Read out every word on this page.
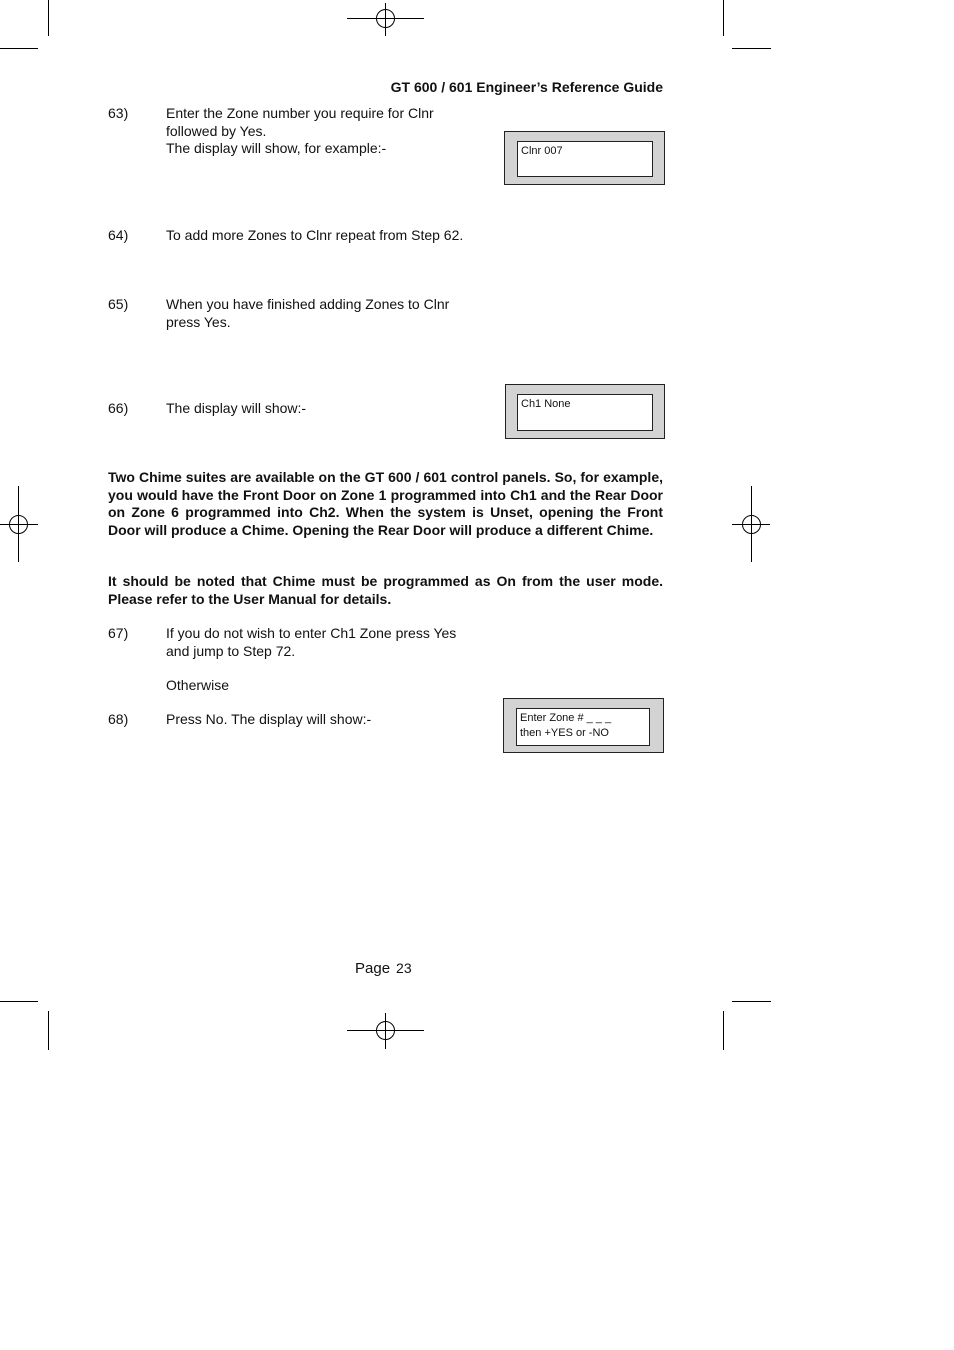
GT 600 / 601 Engineer’s Reference Guide
63)	Enter the Zone number you require for Clnr
followed by Yes.
The display will show, for example:-	Clnr 007
64)	To add more Zones to Clnr repeat from Step 62.
65)	When you have finished adding Zones to Clnr
press Yes.
66)	The display will show:-	Ch1 None
Two Chime suites are available on the GT 600 / 601 control panels. So, for example, you would have the Front Door on Zone 1 programmed into Ch1 and the Rear Door on Zone 6 programmed into Ch2. When the system is Unset, opening the Front Door will produce a Chime. Opening the Rear Door will produce a different Chime.
It should be noted that Chime must be programmed as On from the user mode. Please refer to the User Manual for details.
67)	If you do not wish to enter Ch1 Zone press Yes
and jump to Step 72.
Otherwise
68)	Press No. The display will show:-	Enter Zone # _ _ _
then +YES or -NO
Page 23
